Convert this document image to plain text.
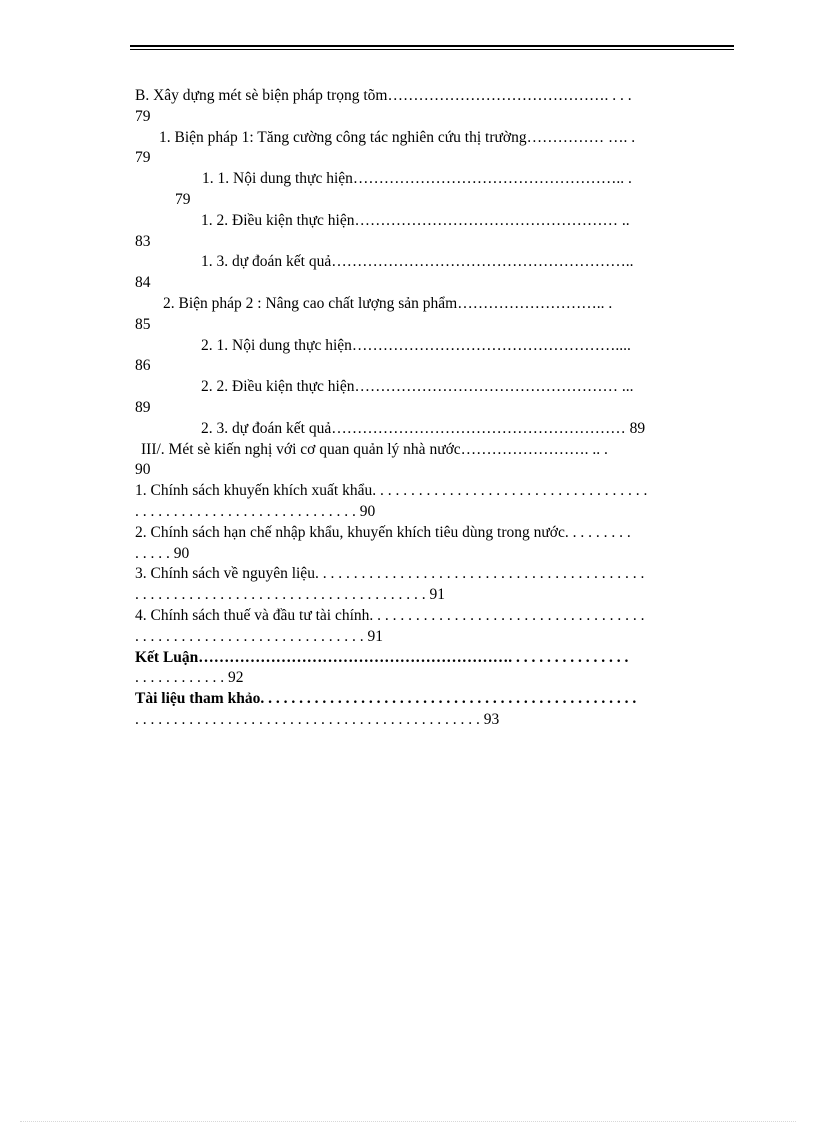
B. Xây dựng mét sè biện pháp trọng tõm……………………………………. . . .
79
1. Biện pháp 1: Tăng cường công tác nghiên cứu thị trường…………… …. .
79
1. 1. Nội dung thực hiện…………………………………………….. .
79
1. 2. Điều kiện thực hiện…………………………………………… ..
83
1. 3. dự đoán kết quả…………………………………………………..
84
2. Biện pháp 2 : Nâng cao chất lượng sản phẩm……………………….. .
85
2. 1. Nội dung thực hiện……………………………………………....
86
2. 2. Điều kiện thực hiện…………………………………………… ...
89
2. 3. dự đoán kết quả………………………………………………… 89
III/. Mét sè kiến nghị với cơ quan quản lý nhà nước……………………. .. .
90
1. Chính sách khuyến khích xuất khẩu. . . . . . . . . . . . . . . . . . . . . . . . . . . . . . . . . . . .
. . . . . . . . . . . . . . . . . . . . . . . . . . . . . 90
2. Chính sách hạn chế nhập khẩu, khuyến khích tiêu dùng trong nước. . . . . . . . .
. . . . . 90
3. Chính sách về nguyên liệu. . . . . . . . . . . . . . . . . . . . . . . . . . . . . . . . . . . . . . . . . . .
. . . . . . . . . . . . . . . . . . . . . . . . . . . . . . . . . . . . . . 91
4. Chính sách thuế và đầu tư tài chính. . . . . . . . . . . . . . . . . . . . . . . . . . . . . . . . . . . .
. . . . . . . . . . . . . . . . . . . . . . . . . . . . . . 91
Kết Luận……………………………………………………. . . . . . . . . . . . . . . .
. . . . . . . . . . . . 92
Tài liệu tham khảo. . . . . . . . . . . . . . . . . . . . . . . . . . . . . . . . . . . . . . . . . . . . . . . . .
. . . . . . . . . . . . . . . . . . . . . . . . . . . . . . . . . . . . . . . . . . . . . 93
